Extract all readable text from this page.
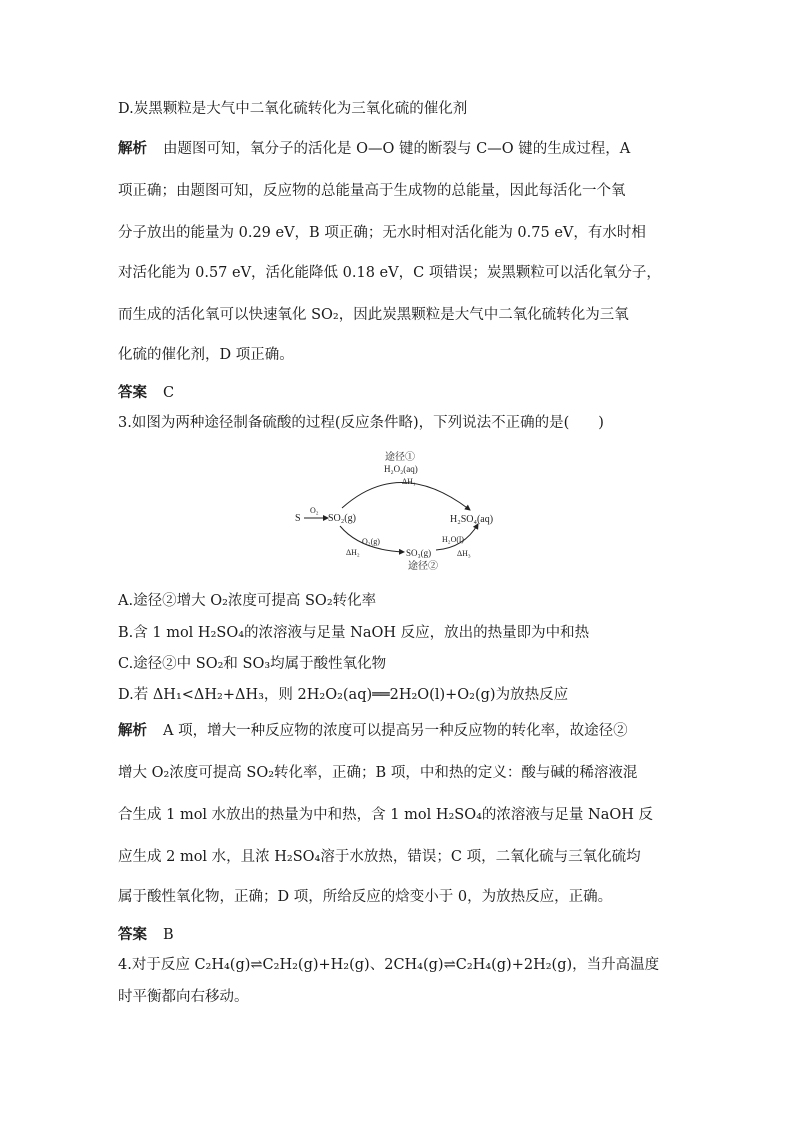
D.炭黑颗粒是大气中二氧化硫转化为三氧化硫的催化剂
解析 由题图可知，氧分子的活化是 O—O 键的断裂与 C—O 键的生成过程，A
项正确；由题图可知，反应物的总能量高于生成物的总能量，因此每活化一个氧
分子放出的能量为 0.29 eV，B 项正确；无水时相对活化能为 0.75 eV，有水时相
对活化能为 0.57 eV，活化能降低 0.18 eV，C 项错误；炭黑颗粒可以活化氧分子，
而生成的活化氧可以快速氧化 SO₂，因此炭黑颗粒是大气中二氧化硫转化为三氧
化硫的催化剂，D 项正确。
答案 C
3.如图为两种途径制备硫酸的过程(反应条件略)，下列说法不正确的是(　　)
途径①
H₂O₂(aq)
ΔH₁
S
O₂
SO₂(g)	H₂SO₄(aq)
O₂(g)
ΔH₂	SO₃(g)
H₂O(l)
ΔH₃
途径②
A.途径②增大 O₂浓度可提高 SO₂转化率
B.含 1 mol H₂SO₄的浓溶液与足量 NaOH 反应，放出的热量即为中和热
C.途径②中 SO₂和 SO₃均属于酸性氧化物
D.若 ΔH₁<ΔH₂+ΔH₃，则 2H₂O₂(aq)══2H₂O(l)+O₂(g)为放热反应
解析 A 项，增大一种反应物的浓度可以提高另一种反应物的转化率，故途径②
增大 O₂浓度可提高 SO₂转化率，正确；B 项，中和热的定义：酸与碱的稀溶液混
合生成 1 mol 水放出的热量为中和热，含 1 mol H₂SO₄的浓溶液与足量 NaOH 反
应生成 2 mol 水，且浓 H₂SO₄溶于水放热，错误；C 项，二氧化硫与三氧化硫均
属于酸性氧化物，正确；D 项，所给反应的焓变小于 0，为放热反应，正确。
答案 B
4.对于反应 C₂H₄(g)⇌C₂H₂(g)+H₂(g)、2CH₄(g)⇌C₂H₄(g)+2H₂(g)，当升高温度
时平衡都向右移动。
